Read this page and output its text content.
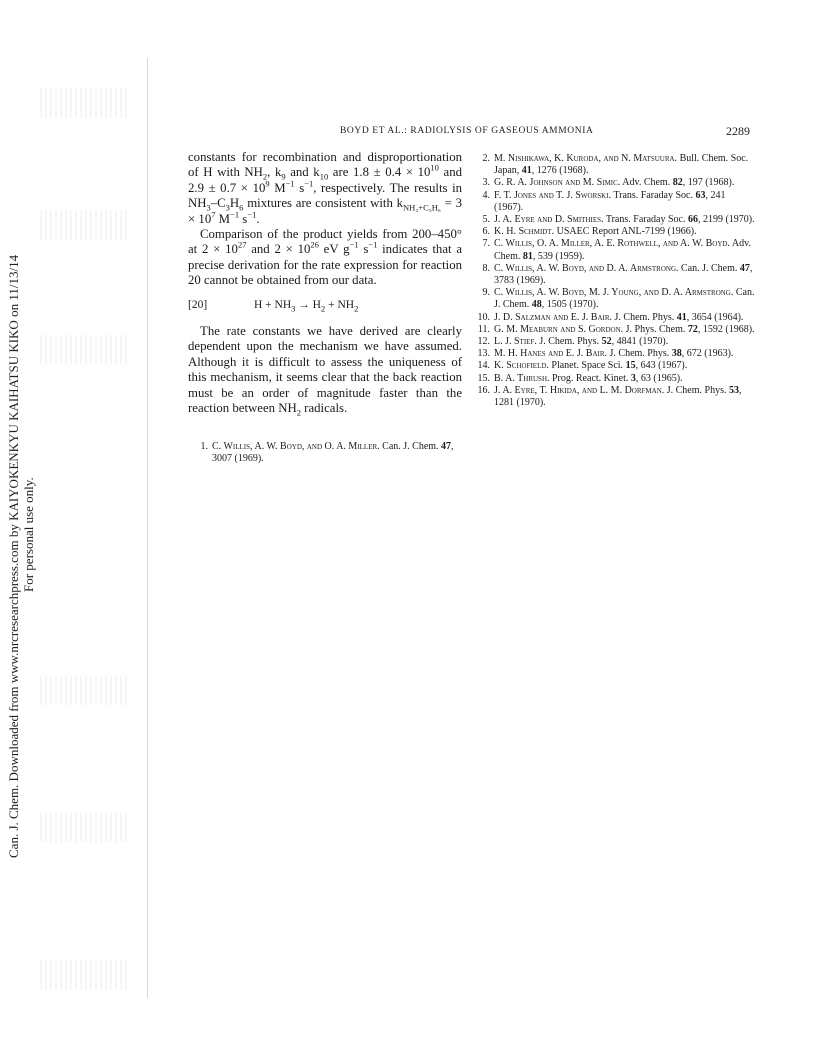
Can. J. Chem. Downloaded from www.nrcresearchpress.com by KAIYOKENKYU KAIHATSU KIKO on 11/13/14 For personal use only.
BOYD ET AL.: RADIOLYSIS OF GASEOUS AMMONIA	2289

constants for recombination and disproportionation of H with $NH_2$, $k_9$ and $k_{10}$ are $1.8 \pm 0.4 \times 10^{10}$ and $2.9 \pm 0.7 \times 10^9$ $M^{-1}$ $s^{-1}$, respectively. The results in $NH_3-C_3H_6$ mixtures are consistent with $k_{NH_2+C_3H_6} = 3 \times 10^7$ $M^{-1}$ $s^{-1}$.

Comparison of the product yields from 200–450° at $2 \times 10^{27}$ and $2 \times 10^{26}$ eV $g^{-1}$ $s^{-1}$ indicates that a precise derivation for the rate expression for reaction 20 cannot be obtained from our data.

[20]	$H + NH_3 \to H_2 + NH_2$

The rate constants we have derived are clearly dependent upon the mechanism we have assumed. Although it is difficult to assess the uniqueness of this mechanism, it seems clear that the back reaction must be an order of magnitude faster than the reaction between $NH_2$ radicals.

1. C. Willis, A. W. Boyd, and O. A. Miller. Can. J. Chem. 47, 3007 (1969).
2. M. Nishikawa, K. Kuroda, and N. Matsuura. Bull. Chem. Soc. Japan, 41, 1276 (1968).
3. G. R. A. Johnson and M. Simic. Adv. Chem. 82, 197 (1968).
4. F. T. Jones and T. J. Sworski. Trans. Faraday Soc. 63, 241 (1967).
5. J. A. Eyre and D. Smithies. Trans. Faraday Soc. 66, 2199 (1970).
6. K. H. Schmidt. USAEC Report ANL-7199 (1966).
7. C. Willis, O. A. Miller, A. E. Rothwell, and A. W. Boyd. Adv. Chem. 81, 539 (1959).
8. C. Willis, A. W. Boyd, and D. A. Armstrong. Can. J. Chem. 47, 3783 (1969).
9. C. Willis, A. W. Boyd, M. J. Young, and D. A. Armstrong. Can. J. Chem. 48, 1505 (1970).
10. J. D. Salzman and E. J. Bair. J. Chem. Phys. 41, 3654 (1964).
11. G. M. Meaburn and S. Gordon. J. Phys. Chem. 72, 1592 (1968).
12. L. J. Stief. J. Chem. Phys. 52, 4841 (1970).
13. M. H. Hanes and E. J. Bair. J. Chem. Phys. 38, 672 (1963).
14. K. Schofield. Planet. Space Sci. 15, 643 (1967).
15. B. A. Thrush. Prog. React. Kinet. 3, 63 (1965).
16. J. A. Eyre, T. Hikida, and L. M. Dorfman. J. Chem. Phys. 53, 1281 (1970).
